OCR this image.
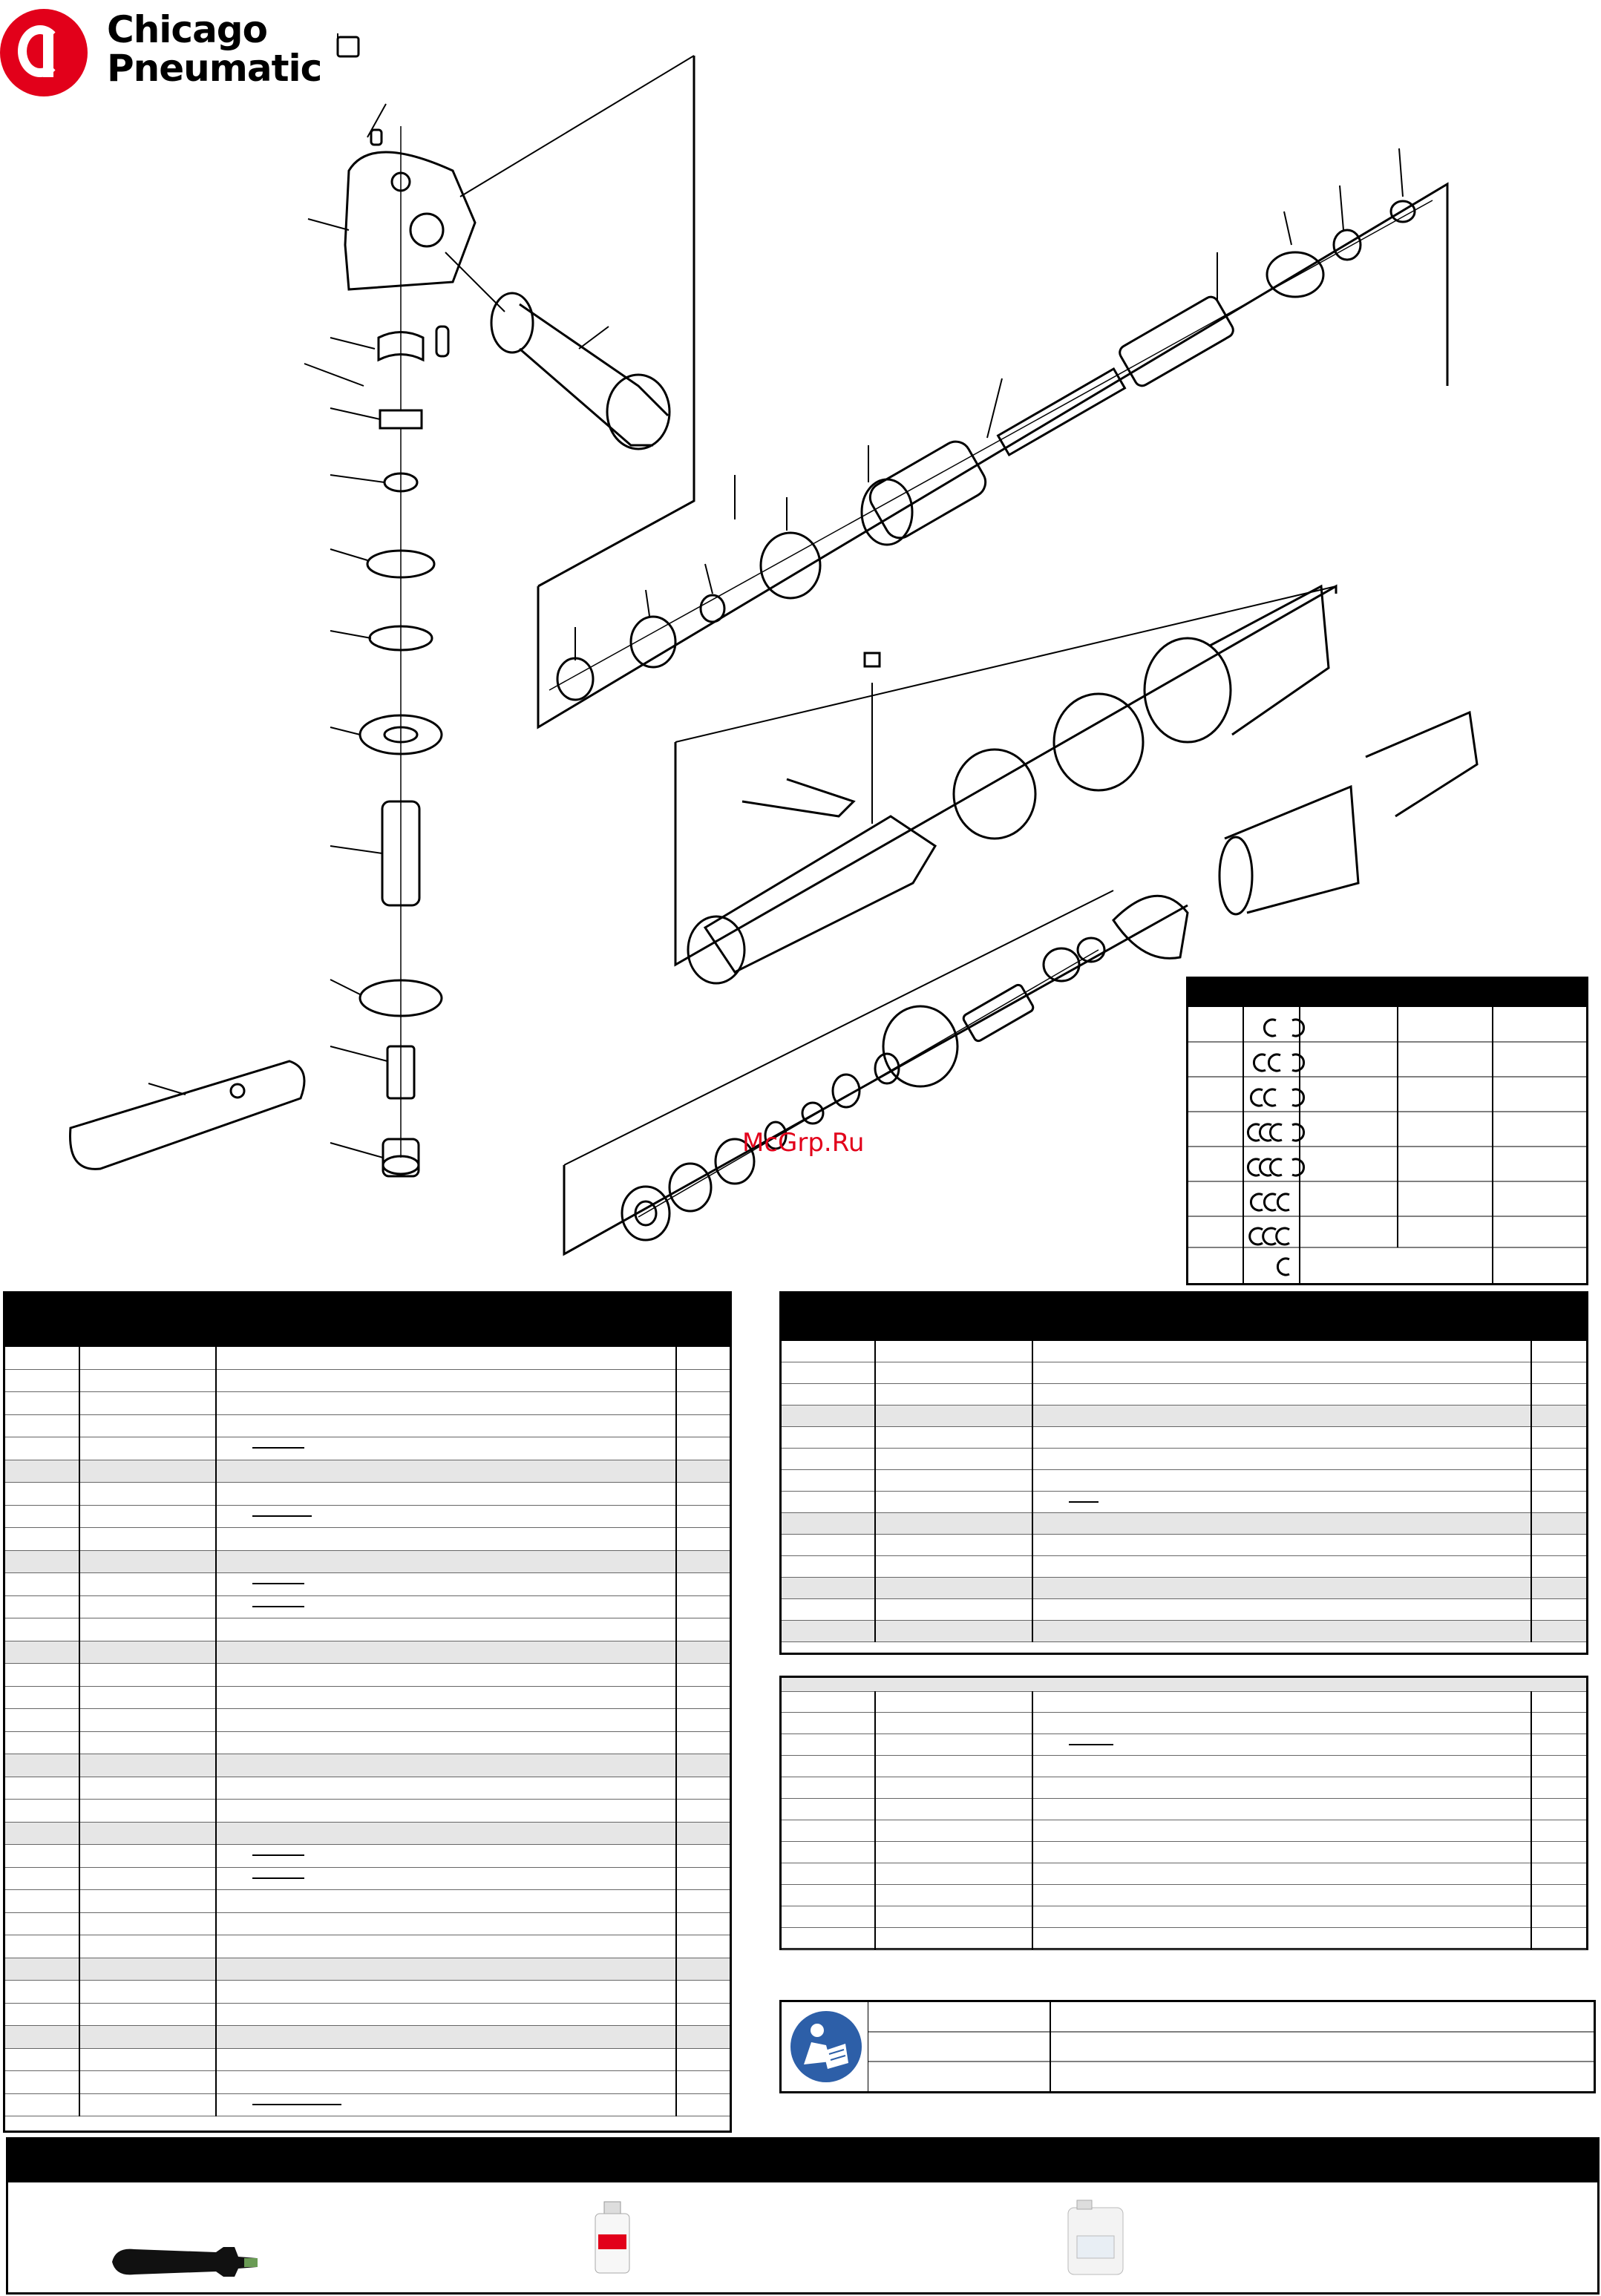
Chicago
Pneumatic
McGrp.Ru
